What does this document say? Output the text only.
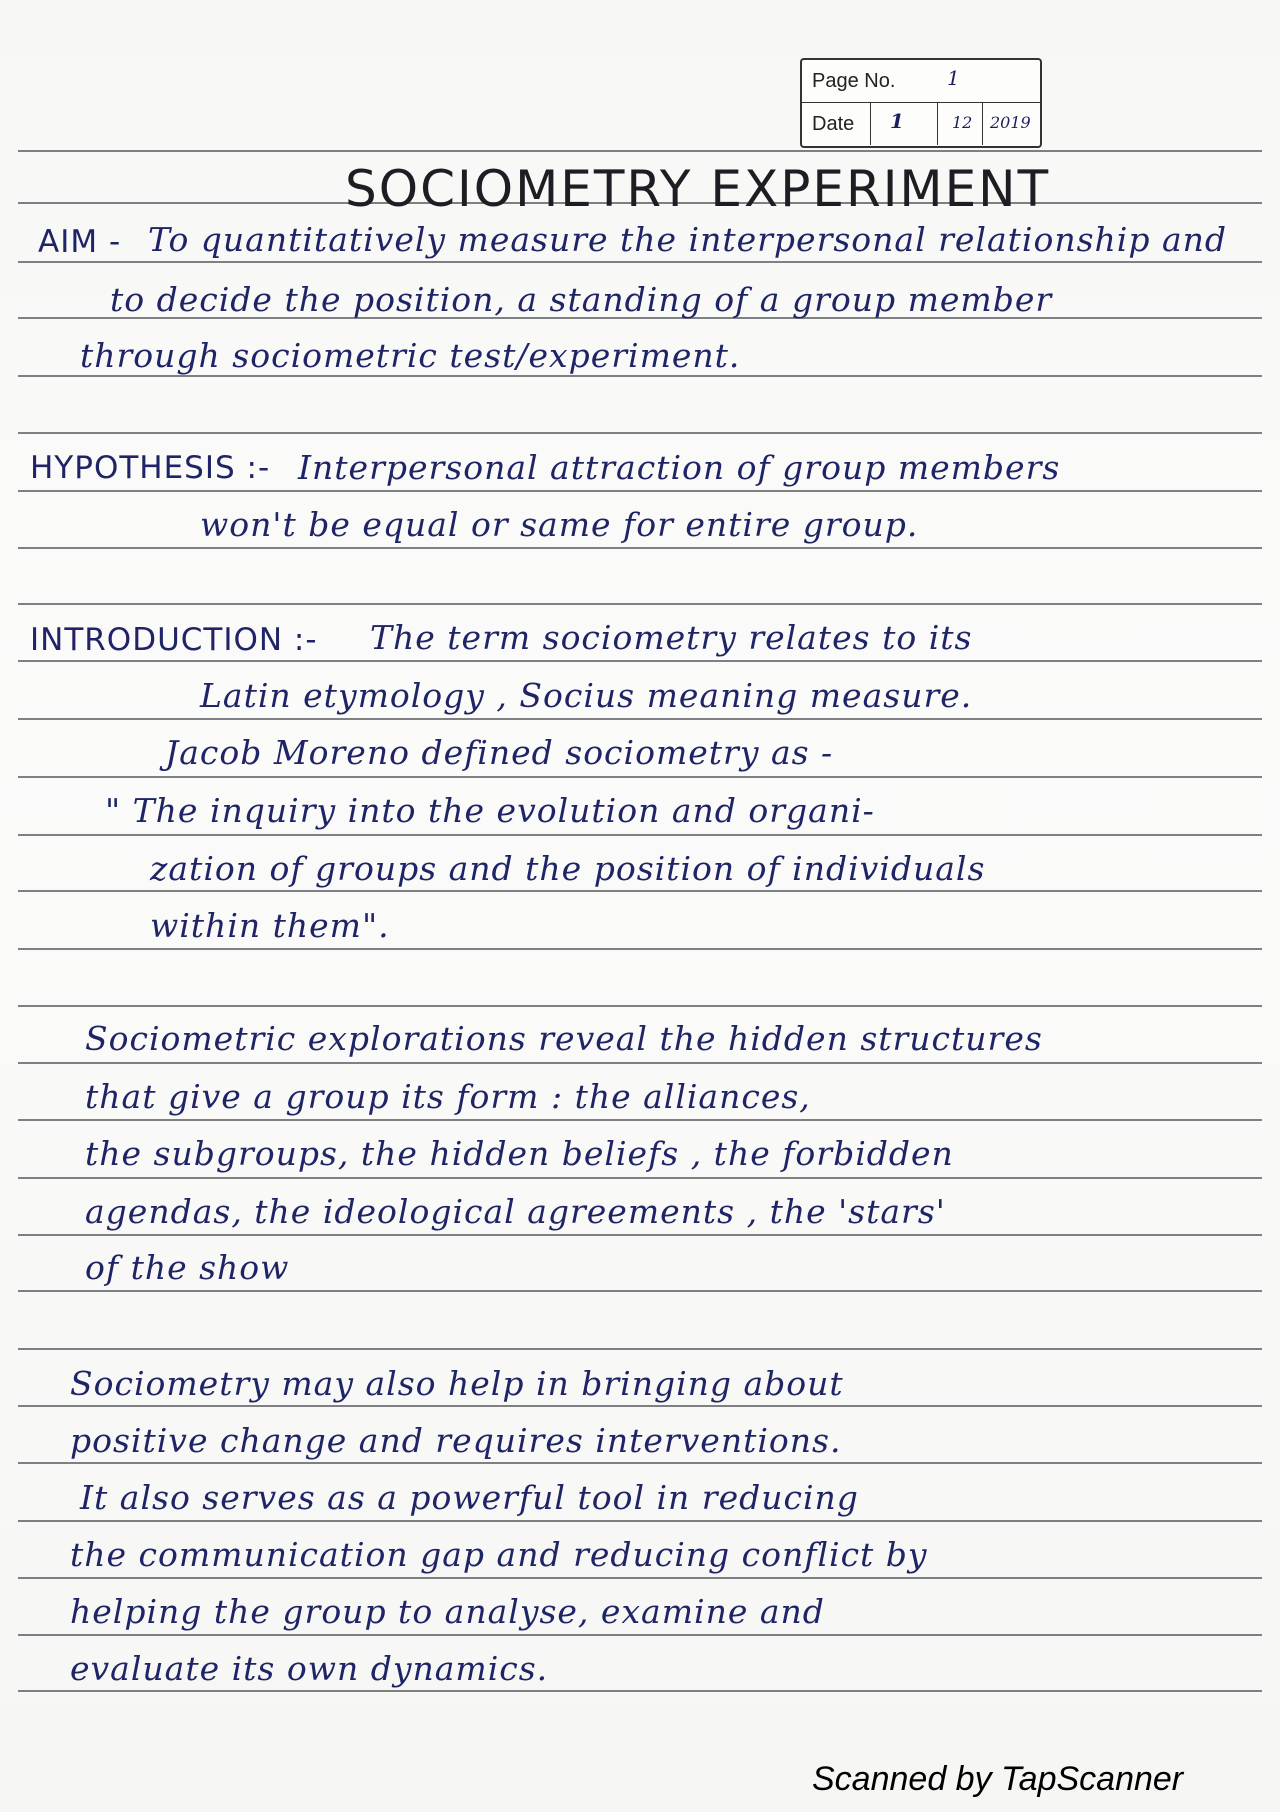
Page No.	1
Date 1	12 2019
SOCIOMETRY EXPERIMENT
AIM - To quantitatively measure the interpersonal relationship and
to decide the position, a standing of a group member
through sociometric test/experiment.
HYPOTHESIS :- Interpersonal attraction of group members
won't be equal or same for entire group.
INTRODUCTION :- The term sociometry relates to its
Latin etymology , Socius meaning measure.
Jacob Moreno defined sociometry as -
" The inquiry into the evolution and organi-
zation of groups and the position of individuals
within them".
Sociometric explorations reveal the hidden structures
that give a group its form : the alliances,
the subgroups, the hidden beliefs , the forbidden
agendas, the ideological agreements , the 'stars'
of the show
Sociometry may also help in bringing about
positive change and requires interventions.
It also serves as a powerful tool in reducing
the communication gap and reducing conflict by
helping the group to analyse, examine and
evaluate its own dynamics.
Scanned by TapScanner
